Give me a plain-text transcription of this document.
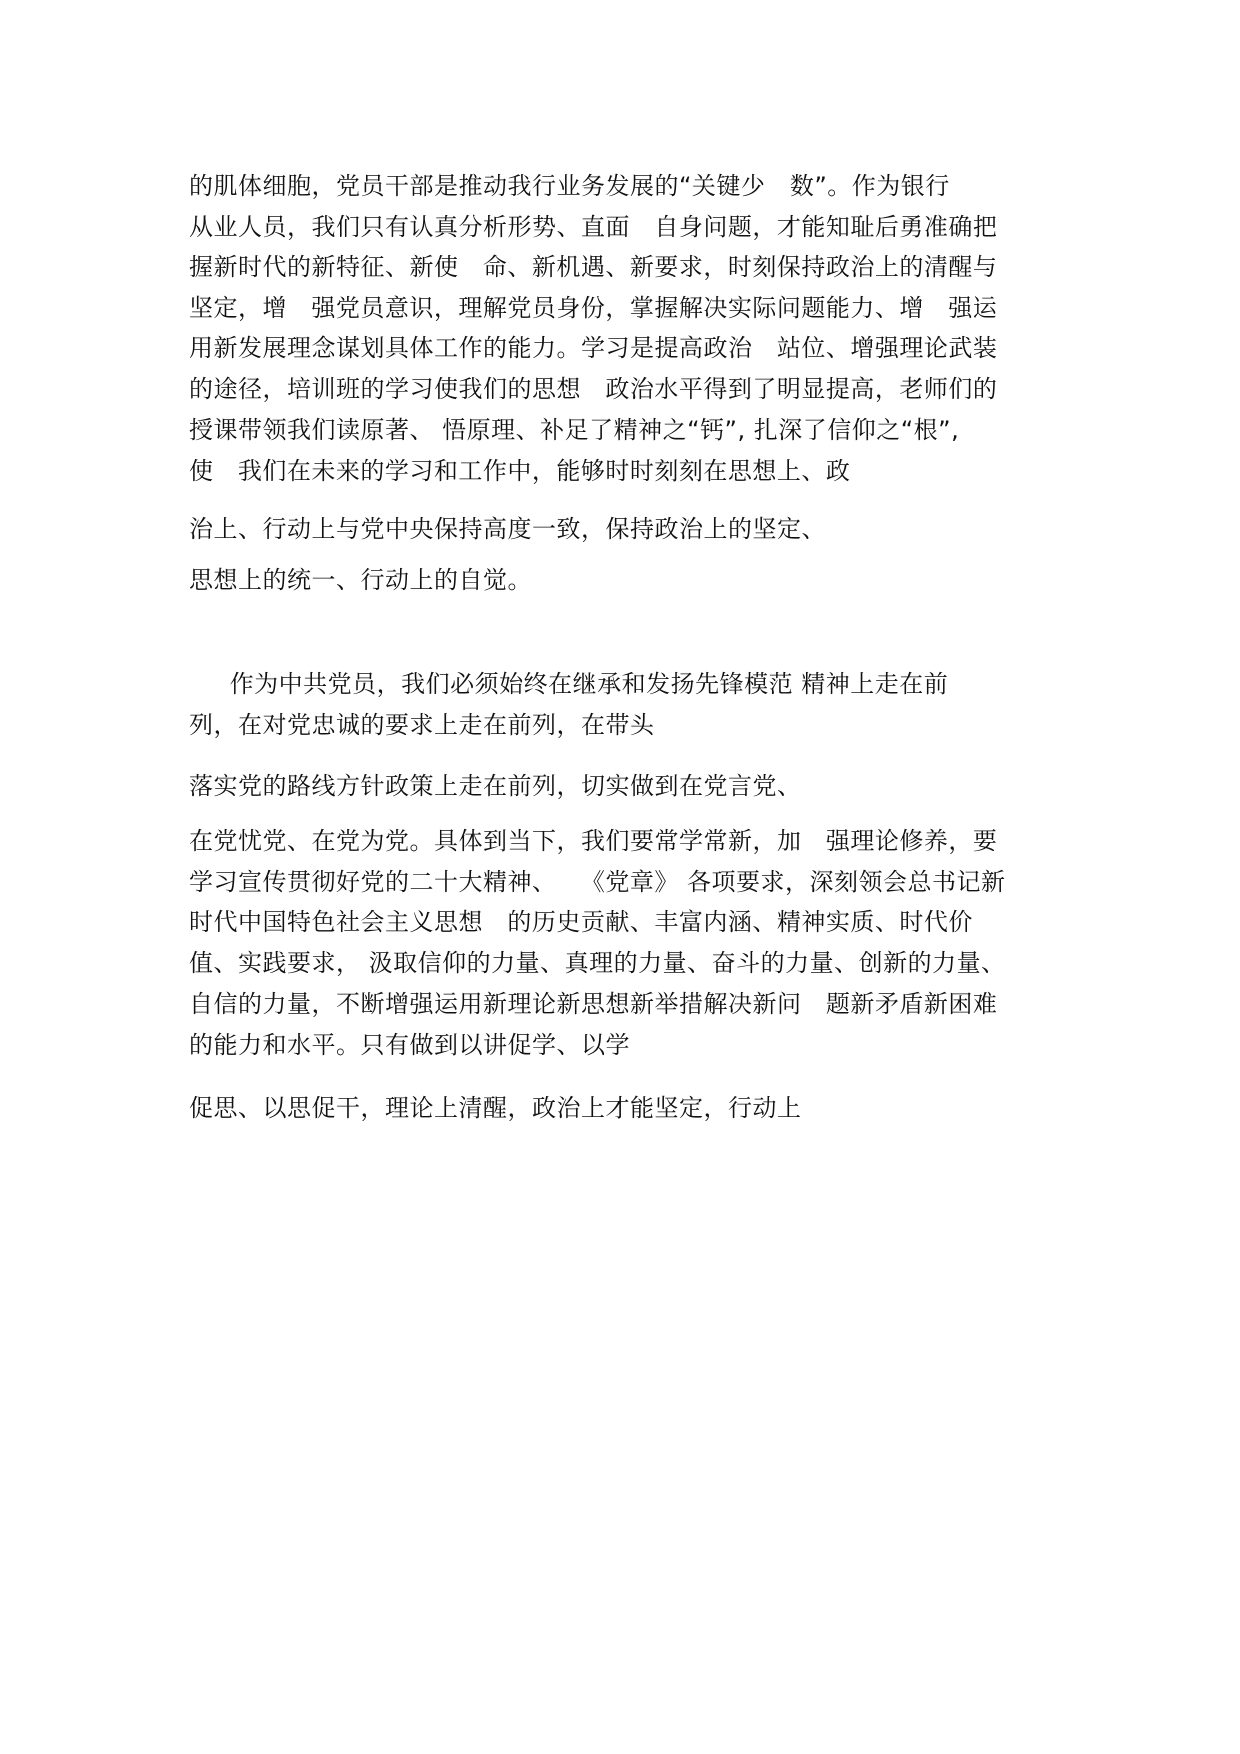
的肌体细胞，党员干部是推动我行业务发展的“关键少   数”。作为银行

从业人员，我们只有认真分析形势、直面   自身问题，才能知耻后勇准确把

握新时代的新特征、新使   命、新机遇、新要求，时刻保持政治上的清醒与

坚定，增   强党员意识，理解党员身份，掌握解决实际问题能力、增   强运

用新发展理念谋划具体工作的能力。学习是提高政治   站位、增强理论武装

的途径，培训班的学习使我们的思想   政治水平得到了明显提高，老师们的

授课带领我们读原著、 悟原理、补足了精神之“钙”, 扎深了信仰之“根”,

使   我们在未来的学习和工作中，能够时时刻刻在思想上、政

治上、行动上与党中央保持高度一致，保持政治上的坚定、

思想上的统一、行动上的自觉。

作为中共党员，我们必须始终在继承和发扬先锋模范 精神上走在前

列，在对党忠诚的要求上走在前列，在带头

落实党的路线方针政策上走在前列，切实做到在党言党、

在党忧党、在党为党。具体到当下，我们要常学常新，加   强理论修养，要

学习宣传贯彻好党的二十大精神、   《党章》 各项要求，深刻领会总书记新

时代中国特色社会主义思想   的历史贡献、丰富内涵、精神实质、时代价

值、实践要求， 汲取信仰的力量、真理的力量、奋斗的力量、创新的力量、

自信的力量，不断增强运用新理论新思想新举措解决新问   题新矛盾新困难

的能力和水平。只有做到以讲促学、以学

促思、以思促干，理论上清醒，政治上才能坚定，行动上
